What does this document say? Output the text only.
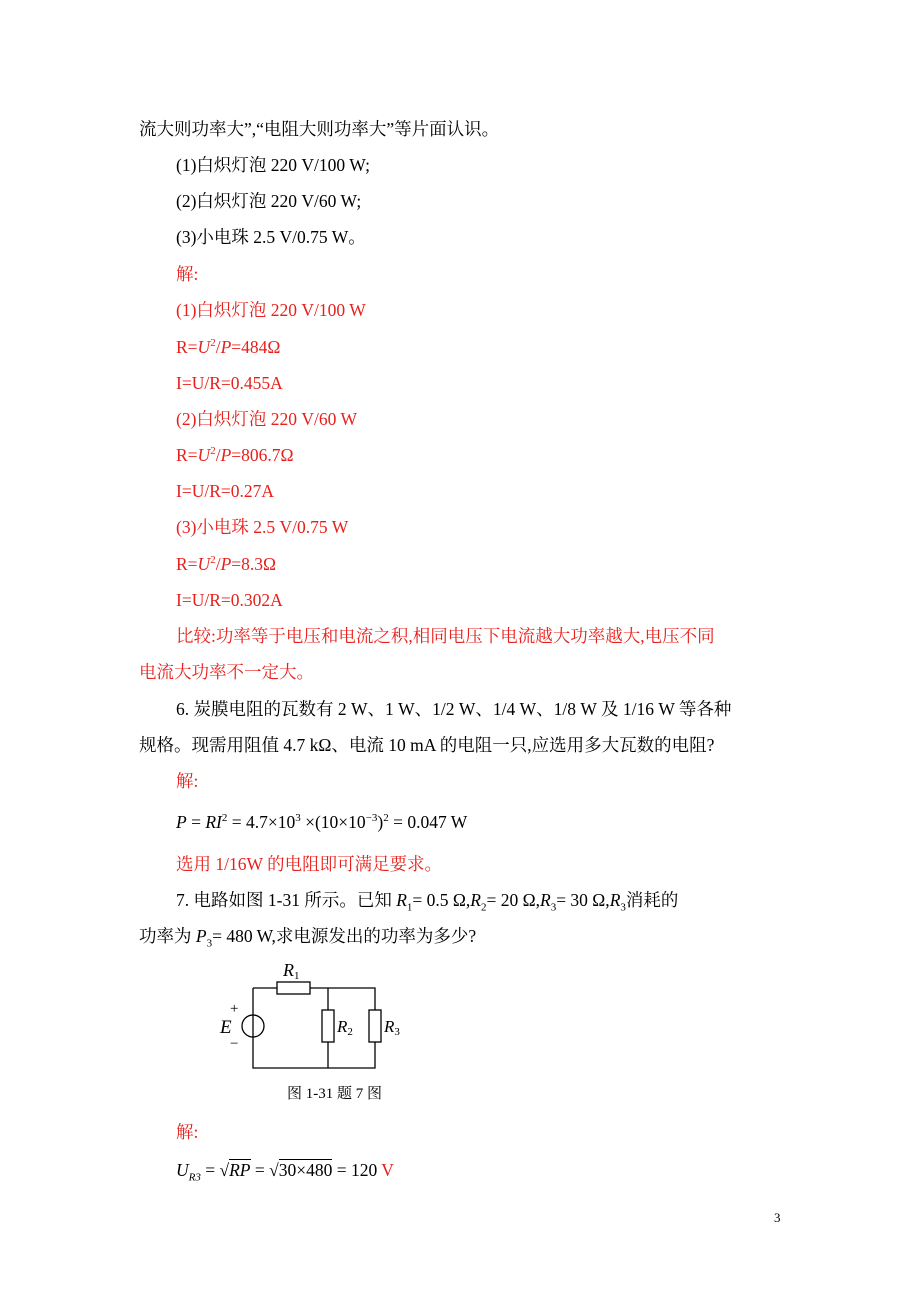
流大则功率大”,“电阻大则功率大”等片面认识。
(1)白炽灯泡 220 V/100 W;
(2)白炽灯泡 220 V/60 W;
(3)小电珠 2.5 V/0.75 W。
解:
(1)白炽灯泡 220 V/100 W
$R=U^2/P=484\Omega$
I=U/R=0.455A
(2)白炽灯泡 220 V/60 W
$R=U^2/P=806.7\Omega$
I=U/R=0.27A
(3)小电珠 2.5 V/0.75 W
$R=U^2/P=8.3\Omega$
I=U/R=0.302A
比较:功率等于电压和电流之积,相同电压下电流越大功率越大,电压不同
电流大功率不一定大。
6. 炭膜电阻的瓦数有 2 W、1 W、1/2 W、1/4 W、1/8 W 及 1/16 W 等各种
规格。现需用阻值 4.7 kΩ、电流 10 mA 的电阻一只,应选用多大瓦数的电阻?
解:
$P = RI^2 = 4.7\times 10^3 \times(10\times 10^{-3})^2 = 0.047$ W
选用 1/16W 的电阻即可满足要求。
7. 电路如图 1-31 所示。已知 $R_1= 0.5$ $\Omega,R_2= 20$ $\Omega,R_3= 30$ $\Omega,R_3$消耗的
功率为 $P_3= 480$ W,求电源发出的功率为多少?
R1
R2 R3
E
+
−
图 1-31 题 7 图
解:
$U_{R3} = √RP = √30\times 480 = 120$ V
3
